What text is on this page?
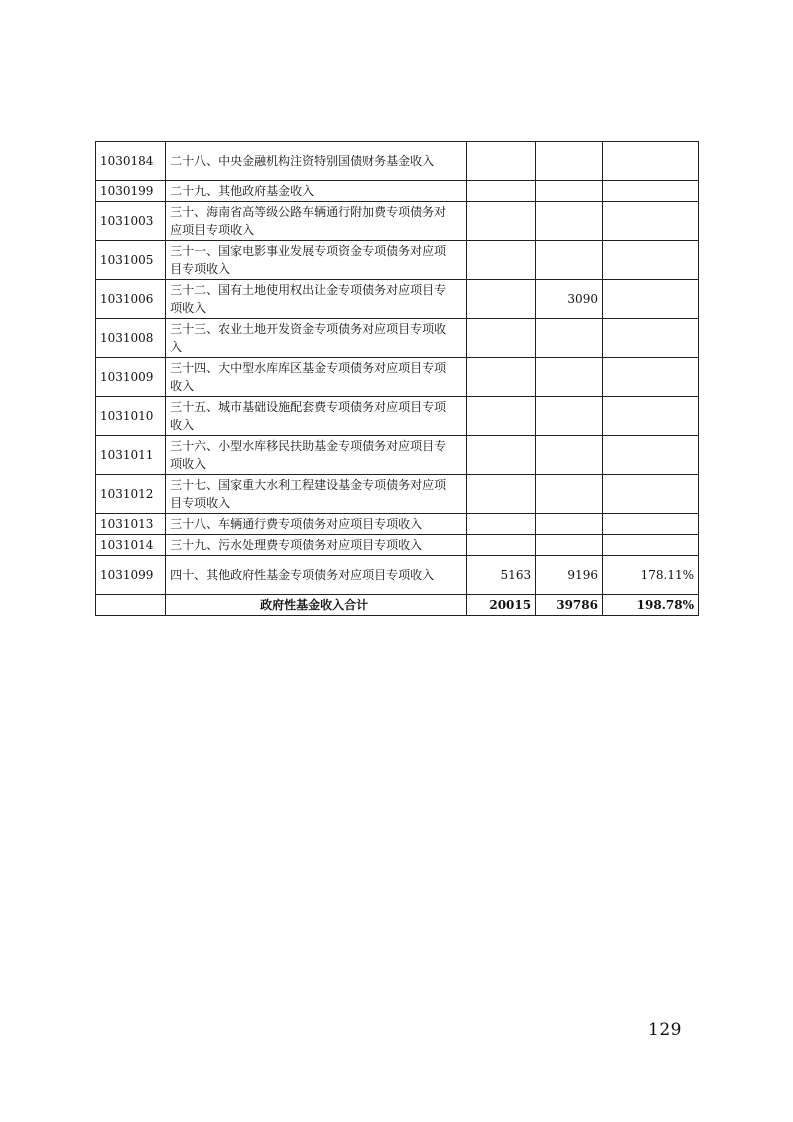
1030184	二十八、中央金融机构注资特别国债财务基金收入			
1030199	二十九、其他政府基金收入			
1031003	三十、海南省高等级公路车辆通行附加费专项债务对应项目专项收入			
1031005	三十一、国家电影事业发展专项资金专项债务对应项目专项收入			
1031006	三十二、国有土地使用权出让金专项债务对应项目专项收入		3090	
1031008	三十三、农业土地开发资金专项债务对应项目专项收入			
1031009	三十四、大中型水库库区基金专项债务对应项目专项收入			
1031010	三十五、城市基础设施配套费专项债务对应项目专项收入			
1031011	三十六、小型水库移民扶助基金专项债务对应项目专项收入			
1031012	三十七、国家重大水利工程建设基金专项债务对应项目专项收入			
1031013	三十八、车辆通行费专项债务对应项目专项收入			
1031014	三十九、污水处理费专项债务对应项目专项收入			
1031099	四十、其他政府性基金专项债务对应项目专项收入	5163	9196	178.11%
	政府性基金收入合计	20015	39786	198.78%
129
